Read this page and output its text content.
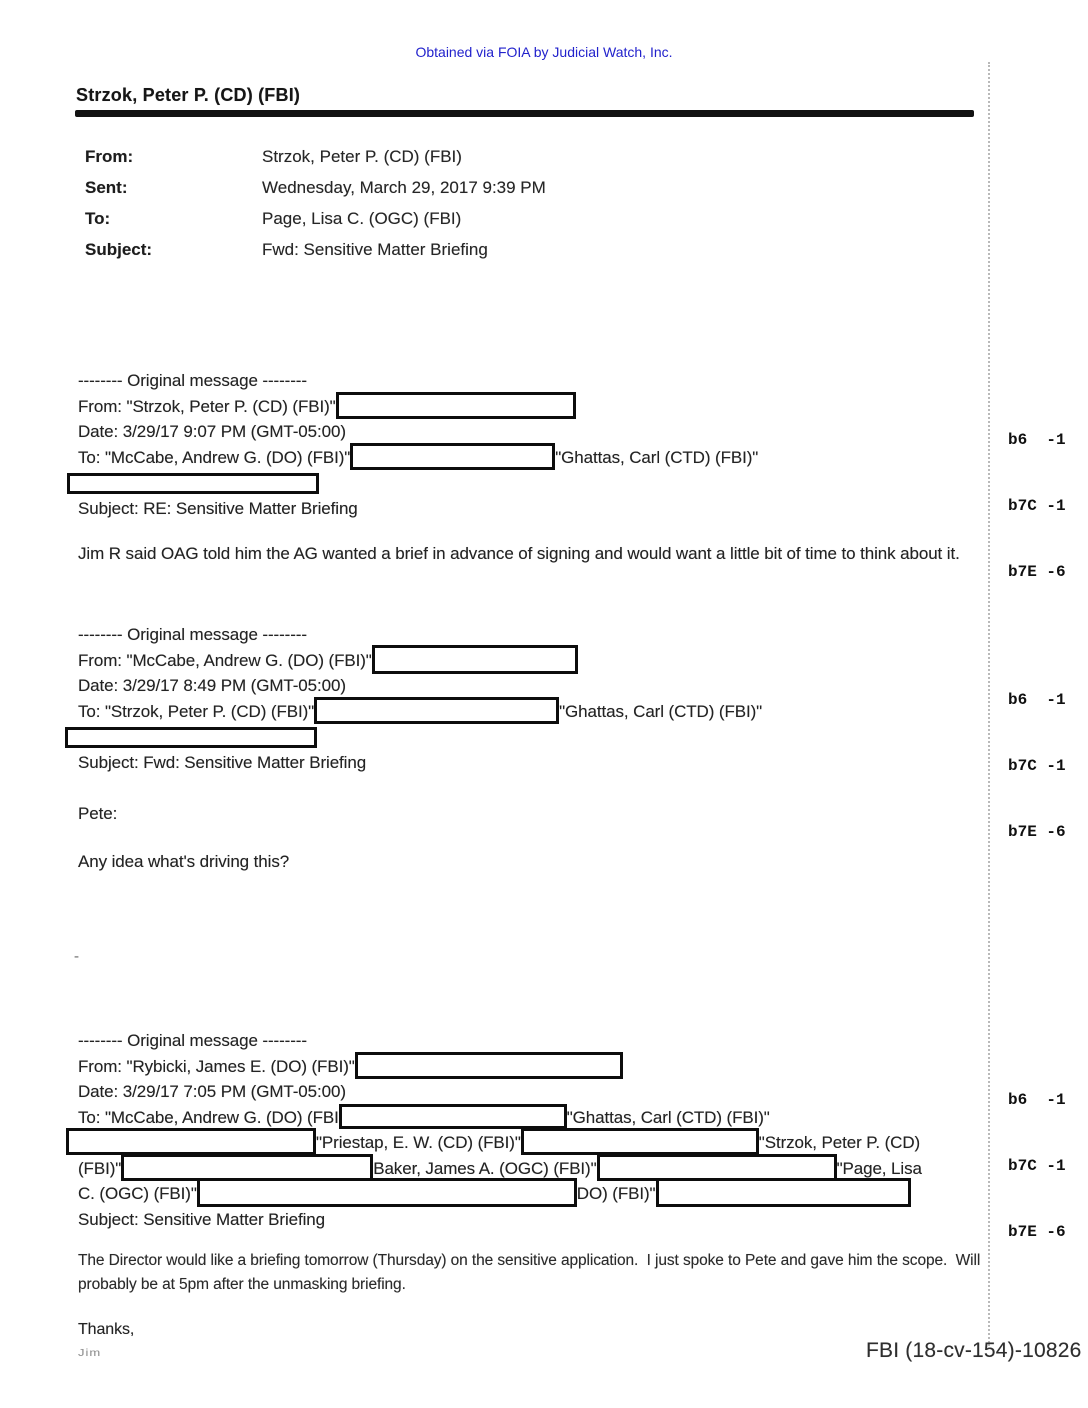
Obtained via FOIA by Judicial Watch, Inc.
Strzok, Peter P. (CD) (FBI)
From:	Strzok, Peter P. (CD) (FBI)
Sent:	Wednesday, March 29, 2017 9:39 PM
To:	Page, Lisa C. (OGC) (FBI)
Subject:	Fwd: Sensitive Matter Briefing

b6  -1

b7C -1

b7E -6

b6  -1

b7C -1

b7E -6

b6  -1

b7C -1

b7E -6

-------- Original message --------
From: "Strzok, Peter P. (CD) (FBI)"
Date: 3/29/17 9:07 PM (GMT-05:00)
To: "McCabe, Andrew G. (DO) (FBI)"	"Ghattas, Carl (CTD) (FBI)"
Subject: RE: Sensitive Matter Briefing
Jim R said OAG told him the AG wanted a brief in advance of signing and would want a little bit of time to think about it.
-------- Original message --------
From: "McCabe, Andrew G. (DO) (FBI)"
Date: 3/29/17 8:49 PM (GMT-05:00)
To: "Strzok, Peter P. (CD) (FBI)"	"Ghattas, Carl (CTD) (FBI)"
Subject: Fwd: Sensitive Matter Briefing
Pete:
Any idea what's driving this?
-
-------- Original message --------
From: "Rybicki, James E. (DO) (FBI)"
Date: 3/29/17 7:05 PM (GMT-05:00)
To: "McCabe, Andrew G. (DO) (FBI	"Ghattas, Carl (CTD) (FBI)"
"Priestap, E. W. (CD) (FBI)"	"Strzok, Peter P. (CD)
(FBI)"	Baker, James A. (OGC) (FBI)"	"Page, Lisa
C. (OGC) (FBI)"	DO) (FBI)"
Subject: Sensitive Matter Briefing
The Director would like a briefing tomorrow (Thursday) on the sensitive application.  I just spoke to Pete and gave him the scope.  Will probably be at 5pm after the unmasking briefing.
Thanks,
Jim	FBI (18-cv-154)-10826
